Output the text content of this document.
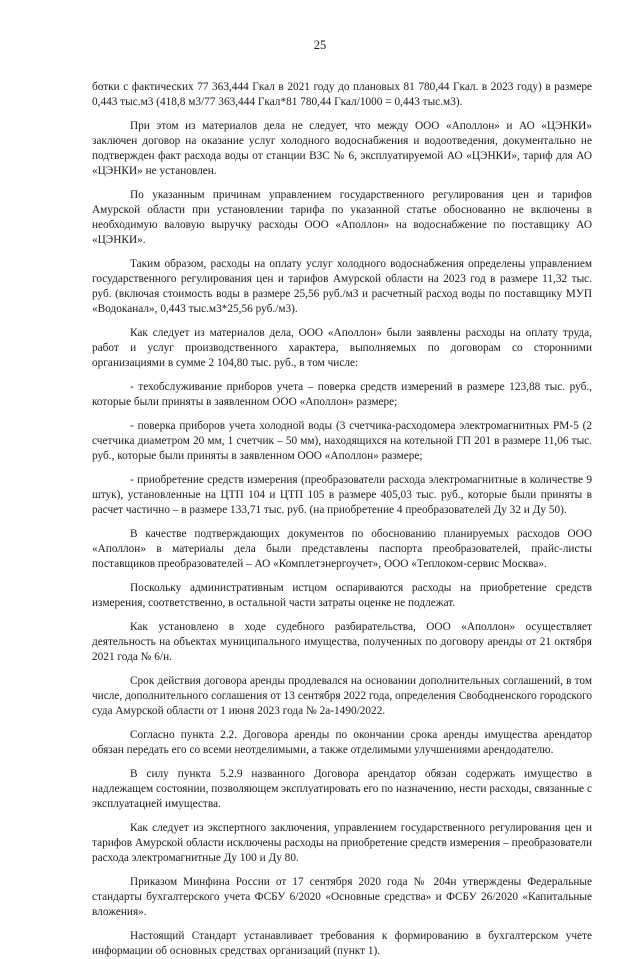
25

ботки с фактических 77 363,444 Гкал в 2021 году до плановых 81 780,44 Гкал. в 2023 году) в размере 0,443 тыс.м3 (418,8 м3/77 363,444 Гкал*81 780,44 Гкал/1000 = 0,443 тыс.м3).

При этом из материалов дела не следует, что между ООО «Аполлон» и АО «ЦЭНКИ» заключен договор на оказание услуг холодного водоснабжения и водоотведения, документально не подтвержден факт расхода воды от станции ВЗС № 6, эксплуатируемой АО «ЦЭНКИ», тариф для АО «ЦЭНКИ» не установлен.

По указанным причинам управлением государственного регулирования цен и тарифов Амурской области при установлении тарифа по указанной статье обоснованно не включены в необходимую валовую выручку расходы ООО «Аполлон» на водоснабжение по поставщику АО «ЦЭНКИ».

Таким образом, расходы на оплату услуг холодного водоснабжения определены управлением государственного регулирования цен и тарифов Амурской области на 2023 год в размере 11,32 тыс. руб. (включая стоимость воды в размере 25,56 руб./м3 и расчетный расход воды по поставщику МУП «Водоканал», 0,443 тыс.м3*25,56 руб./м3).

Как следует из материалов дела, ООО «Аполлон» были заявлены расходы на оплату труда, работ и услуг производственного характера, выполняемых по договорам со сторонними организациями в сумме 2 104,80 тыс. руб., в том числе:

- техобслуживание приборов учета – поверка средств измерений в размере 123,88 тыс. руб., которые были приняты в заявленном ООО «Аполлон» размере;

- поверка приборов учета холодной воды (3 счетчика-расходомера электромагнитных РМ-5 (2 счетчика диаметром 20 мм, 1 счетчик – 50 мм), находящихся на котельной ГП 201 в размере 11,06 тыс. руб., которые были приняты в заявленном ООО «Аполлон» размере;

- приобретение средств измерения (преобразователи расхода электромагнитные в количестве 9 штук), установленные на ЦТП 104 и ЦТП 105 в размере 405,03 тыс. руб., которые были приняты в расчет частично – в размере 133,71 тыс. руб. (на приобретение 4 преобразователей Ду 32 и Ду 50).

В качестве подтверждающих документов по обоснованию планируемых расходов ООО «Аполлон» в материалы дела были представлены паспорта преобразователей, прайс-листы поставщиков преобразователей – АО «Комплетэнергоучет», ООО «Теплоком-сервис Москва».

Поскольку административным истцом оспариваются расходы на приобретение средств измерения, соответственно, в остальной части затраты оценке не подлежат.

Как установлено в ходе судебного разбирательства, ООО «Аполлон» осуществляет деятельность на объектах муниципального имущества, полученных по договору аренды от 21 октября 2021 года № 6/н.

Срок действия договора аренды продлевался на основании дополнительных соглашений, в том числе, дополнительного соглашения от 13 сентября 2022 года, определения Свободненского городского суда Амурской области от 1 июня 2023 года № 2а-1490/2022.

Согласно пункта 2.2. Договора аренды по окончании срока аренды имущества арендатор обязан передать его со всеми неотделимыми, а также отделимыми улучшениями арендодателю.

В силу пункта 5.2.9 названного Договора арендатор обязан содержать имущество в надлежащем состоянии, позволяющем эксплуатировать его по назначению, нести расходы, связанные с эксплуатацией имущества.

Как следует из экспертного заключения, управлением государственного регулирования цен и тарифов Амурской области исключены расходы на приобретение средств измерения – преобразователи расхода электромагнитные Ду 100 и Ду 80.

Приказом Минфина России от 17 сентября 2020 года № 204н утверждены Федеральные стандарты бухгалтерского учета ФСБУ 6/2020 «Основные средства» и ФСБУ 26/2020 «Капитальные вложения».

Настоящий Стандарт устанавливает требования к формированию в бухгалтерском учете информации об основных средствах организаций (пункт 1).
